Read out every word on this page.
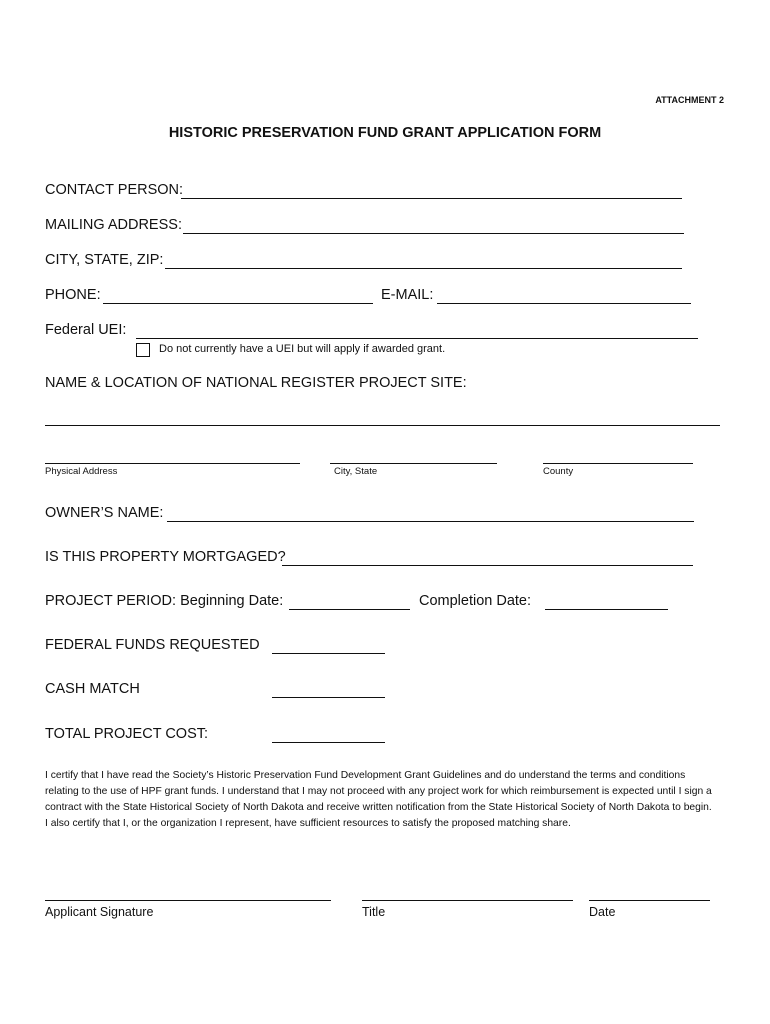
ATTACHMENT 2
HISTORIC PRESERVATION FUND GRANT APPLICATION FORM
CONTACT PERSON:
MAILING ADDRESS:
CITY, STATE, ZIP:
PHONE:	E-MAIL:
Federal UEI:
Do not currently have a UEI but will apply if awarded grant.
NAME & LOCATION OF NATIONAL REGISTER PROJECT SITE:
Physical Address	City, State	County
OWNER’S NAME:
IS THIS PROPERTY MORTGAGED?
PROJECT PERIOD: Beginning Date:	Completion Date:
FEDERAL FUNDS REQUESTED
CASH MATCH
TOTAL PROJECT COST:
I certify that I have read the Society’s Historic Preservation Fund Development Grant Guidelines and do understand the terms and conditions relating to the use of HPF grant funds. I understand that I may not proceed with any project work for which reimbursement is expected until I sign a contract with the State Historical Society of North Dakota and receive written notification from the State Historical Society of North Dakota to begin. I also certify that I, or the organization I represent, have sufficient resources to satisfy the proposed matching share.
Applicant Signature	Title	Date
